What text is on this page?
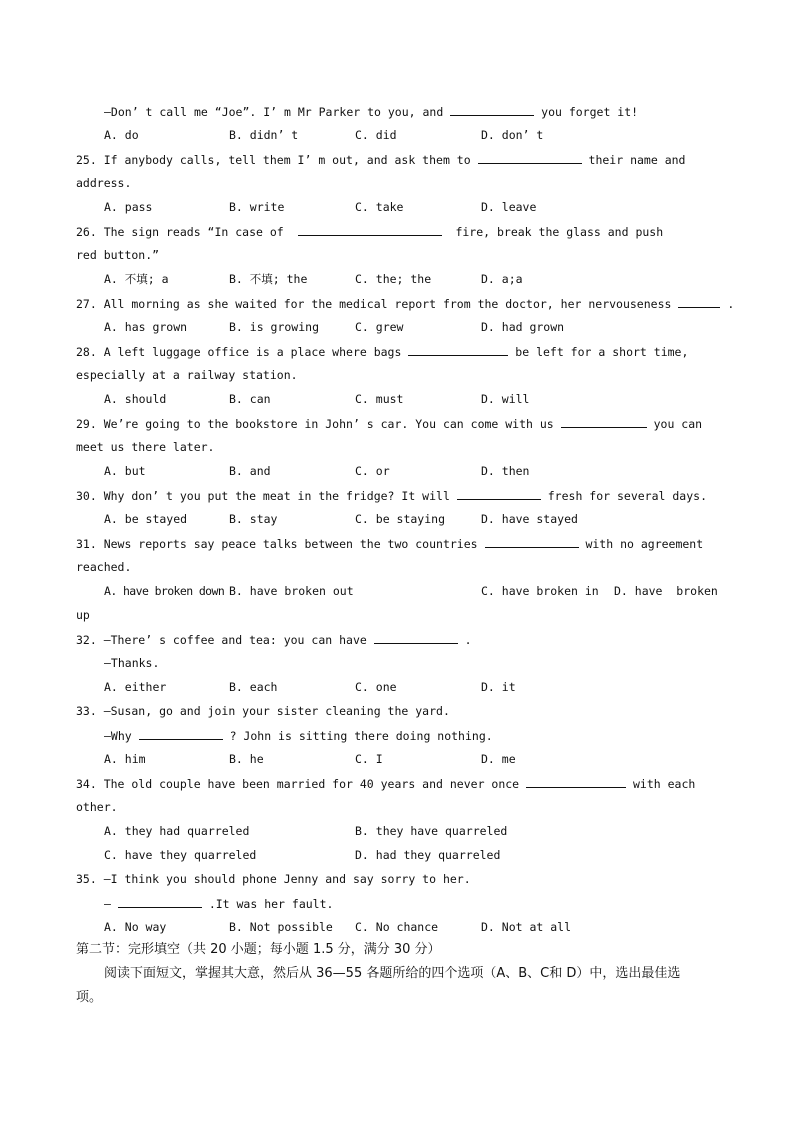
—Don’ t call me “Joe”. I’ m Mr Parker to you, and	you forget it!
A. do	B. didn’ t	C. did	D. don’ t
25. If anybody calls, tell them I’ m out, and ask them to	their name and
address.
A. pass	B. write	C. take	D. leave
26. The sign reads “In case of	fire, break the glass and push
red button.”
A. 不填; a	B. 不填; the	C. the; the	D. a;a
27. All morning as she waited for the medical report from the doctor, her nervouseness	.
A. has grown	B. is growing	C. grew	D. had grown
28. A left luggage office is a place where bags	be left for a short time,
especially at a railway station.
A. should	B. can	C. must	D. will
29. We’re going to the bookstore in John’ s car. You can come with us	you can
meet us there later.
A. but	B. and	C. or	D. then
30. Why don’ t you put the meat in the fridge? It will	fresh for several days.
A. be stayed	B. stay	C. be staying	D. have stayed
31. News reports say peace talks between the two countries	with no agreement
reached.
A. have broken down B. have broken out	C. have broken in D. have  broken
up
32. —There’ s coffee and tea: you can have	.
—Thanks.
A. either	B. each	C. one	D. it
33. —Susan, go and join your sister cleaning the yard.
—Why	? John is sitting there doing nothing.
A. him	B. he	C. I	D. me
34. The old couple have been married for 40 years and never once	with each
other.
A. they had quarreled	B. they have quarreled
C. have they quarreled	D. had they quarreled
35. —I think you should phone Jenny and say sorry to her.
—	.It was her fault.
A. No way	B. Not possible C. No chance	D. Not at all
第二节：完形填空（共 20 小题；每小题 1.5 分，满分 30 分）
阅读下面短文，掌握其大意，然后从 36—55 各题所给的四个选项（A、B、C和 D）中，选出最佳选
项。
